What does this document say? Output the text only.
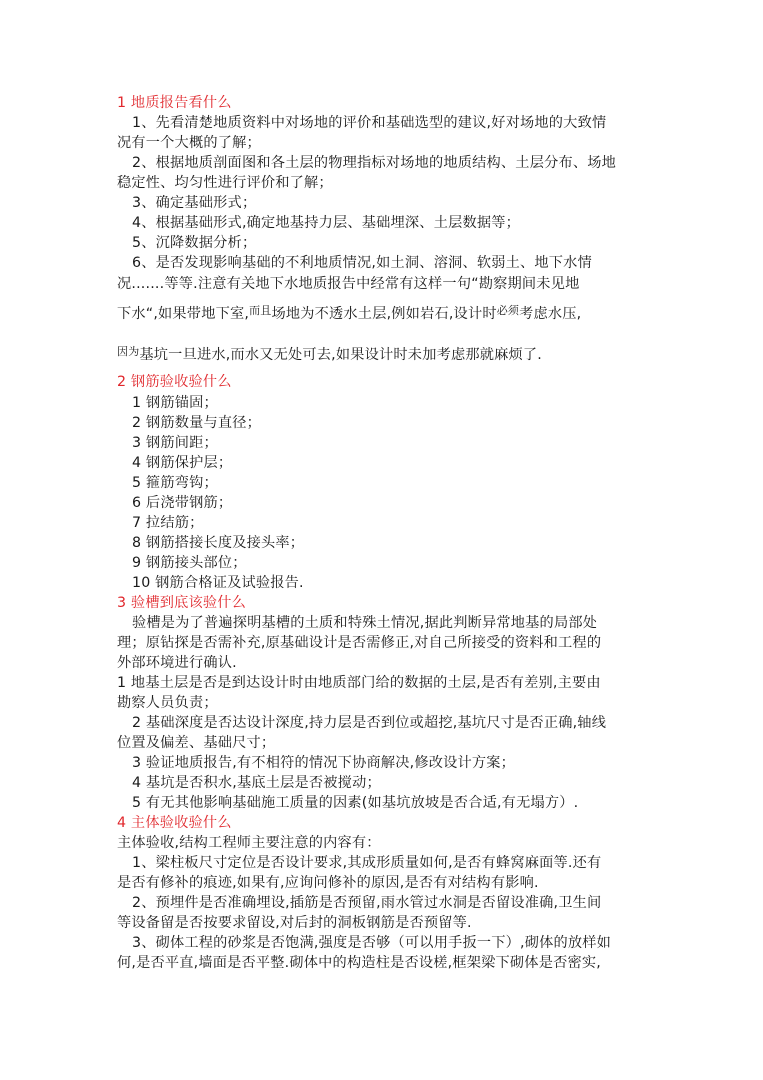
1 地质报告看什么
1、先看清楚地质资料中对场地的评价和基础选型的建议,好对场地的大致情
况有一个大概的了解；
2、根据地质剖面图和各土层的物理指标对场地的地质结构、土层分布、场地
稳定性、均匀性进行评价和了解；
3、确定基础形式；
4、根据基础形式,确定地基持力层、基础埋深、土层数据等；
5、沉降数据分析；
6、是否发现影响基础的不利地质情况,如土洞、溶洞、软弱土、地下水情
况.......等等.注意有关地下水地质报告中经常有这样一句“勘察期间未见地
下水“,如果带地下室,$^{而且}$场地为不透水土层,例如岩石,设计时$^{必须}$考虑水压,
$^{因为}$基坑一旦进水,而水又无处可去,如果设计时未加考虑那就麻烦了.
2 钢筋验收验什么
1 钢筋锚固；
2 钢筋数量与直径；
3 钢筋间距；
4 钢筋保护层；
5 箍筋弯钩；
6 后浇带钢筋；
7 拉结筋；
8 钢筋搭接长度及接头率；
9 钢筋接头部位；
10 钢筋合格证及试验报告.
3 验槽到底该验什么
验槽是为了普遍探明基槽的土质和特殊土情况,据此判断异常地基的局部处
理；原钻探是否需补充,原基础设计是否需修正,对自己所接受的资料和工程的
外部环境进行确认.
1 地基土层是否是到达设计时由地质部门给的数据的土层,是否有差别,主要由
勘察人员负责；
2 基础深度是否达设计深度,持力层是否到位或超挖,基坑尺寸是否正确,轴线
位置及偏差、基础尺寸；
3 验证地质报告,有不相符的情况下协商解决,修改设计方案；
4 基坑是否积水,基底土层是否被搅动；
5 有无其他影响基础施工质量的因素(如基坑放坡是否合适,有无塌方）.
4 主体验收验什么
主体验收,结构工程师主要注意的内容有：
1、梁柱板尺寸定位是否设计要求,其成形质量如何,是否有蜂窝麻面等.还有
是否有修补的痕迹,如果有,应询问修补的原因,是否有对结构有影响.
2、预埋件是否准确埋设,插筋是否预留,雨水管过水洞是否留设准确,卫生间
等设备留是否按要求留设,对后封的洞板钢筋是否预留等.
3、砌体工程的砂浆是否饱满,强度是否够（可以用手扳一下）,砌体的放样如
何,是否平直,墙面是否平整.砌体中的构造柱是否设槎,框架梁下砌体是否密实,
